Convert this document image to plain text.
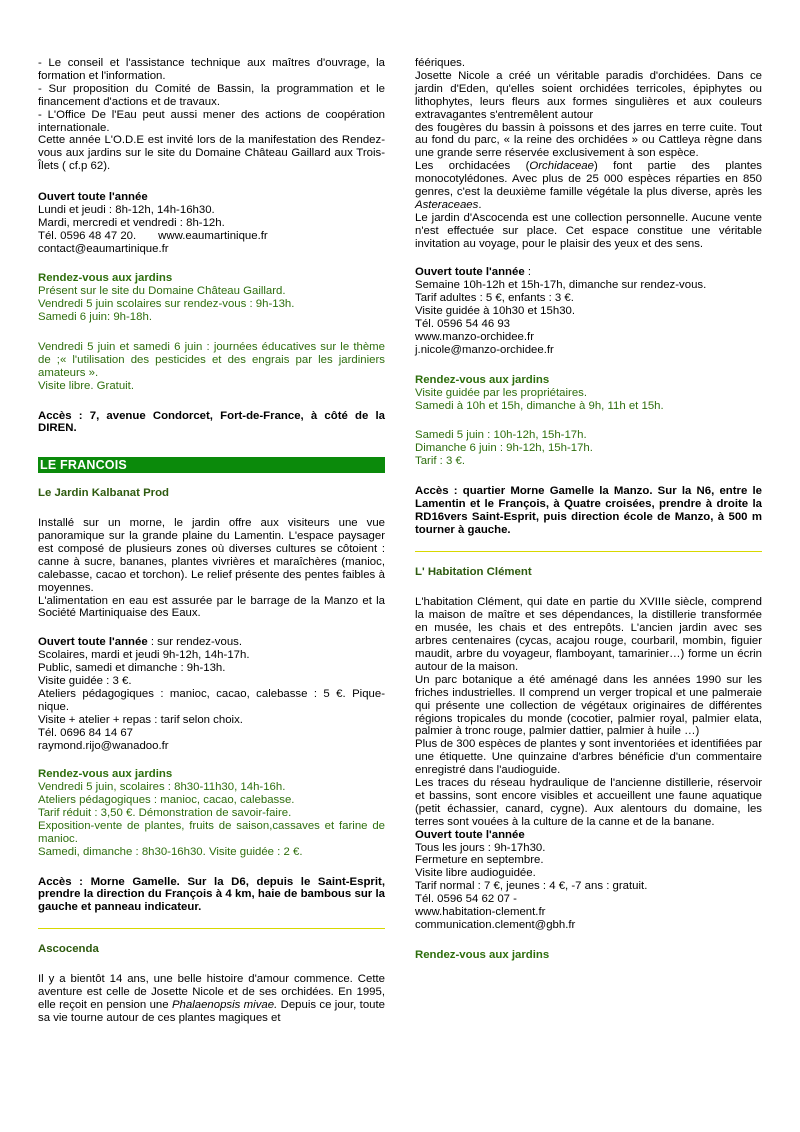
- Le conseil et l'assistance technique aux maîtres d'ouvrage, la formation et l'information.

- Sur proposition du Comité de Bassin, la programmation et le financement d'actions et de travaux.

- L'Office De l'Eau peut aussi mener des actions de coopération internationale.

Cette année L'O.D.E est invité lors de la manifestation des Rendez-vous aux jardins sur le site du Domaine Château Gaillard aux Trois-Îlets ( cf.p 62).

Ouvert toute l'année

Lundi et jeudi : 8h-12h, 14h-16h30.

Mardi, mercredi et vendredi : 8h-12h.

Tél. 0596 48 47 20. www.eaumartinique.fr

contact@eaumartinique.fr

Rendez-vous aux jardins

Présent sur le site du Domaine Château Gaillard.

Vendredi 5 juin scolaires sur rendez-vous : 9h-13h.

Samedi 6 juin: 9h-18h.

Vendredi 5 juin et samedi 6 juin : journées éducatives sur le thème de ;« l'utilisation des pesticides et des engrais par les jardiniers amateurs ».

Visite libre. Gratuit.

Accès : 7, avenue Condorcet, Fort-de-France, à côté de la DIREN.

LE FRANCOIS

Le Jardin Kalbanat Prod

Installé sur un morne, le jardin offre aux visiteurs une vue panoramique sur la grande plaine du Lamentin. L'espace paysager est composé de plusieurs zones où diverses cultures se côtoient : canne à sucre, bananes, plantes vivrières et maraîchères (manioc, calebasse, cacao et torchon). Le relief présente des pentes faibles à moyennes.

L'alimentation en eau est assurée par le barrage de la Manzo et la Société Martiniquaise des Eaux.

Ouvert toute l'année : sur rendez-vous.

Scolaires, mardi et jeudi 9h-12h, 14h-17h.

Public, samedi et dimanche : 9h-13h.

Visite guidée : 3 €.

Ateliers pédagogiques : manioc, cacao, calebasse : 5 €. Pique-nique.

Visite + atelier + repas : tarif selon choix.

Tél. 0696 84 14 67

raymond.rijo@wanadoo.fr

Rendez-vous aux jardins

Vendredi 5 juin, scolaires : 8h30-11h30, 14h-16h.

Ateliers pédagogiques : manioc, cacao, calebasse.

Tarif réduit : 3,50 €. Démonstration de savoir-faire.

Exposition-vente de plantes, fruits de saison,cassaves et farine de manioc.

Samedi, dimanche : 8h30-16h30. Visite guidée : 2 €.

Accès : Morne Gamelle. Sur la D6, depuis le Saint-Esprit, prendre la direction du François à 4 km, haie de bambous sur la gauche et panneau indicateur.

Ascocenda

Il y a bientôt 14 ans, une belle histoire d'amour commence. Cette aventure est celle de Josette Nicole et de ses orchidées. En 1995, elle reçoit en pension une Phalaenopsis mivae. Depuis ce jour, toute sa vie tourne autour de ces plantes magiques et

féériques.

Josette Nicole a créé un véritable paradis d'orchidées. Dans ce jardin d'Eden, qu'elles soient orchidées terricoles, épiphytes ou lithophytes, leurs fleurs aux formes singulières et aux couleurs extravagantes s'entremêlent autour

des fougères du bassin à poissons et des jarres en terre cuite. Tout au fond du parc, « la reine des orchidées » ou Cattleya règne dans une grande serre réservée exclusivement à son espèce.

Les orchidacées (Orchidaceae) font partie des plantes monocotylédones. Avec plus de 25 000 espèces réparties en 850 genres, c'est la deuxième famille végétale la plus diverse, après les Asteraceaes.

Le jardin d'Ascocenda est une collection personnelle. Aucune vente n'est effectuée sur place. Cet espace constitue une véritable invitation au voyage, pour le plaisir des yeux et des sens.

Ouvert toute l'année :

Semaine 10h-12h et 15h-17h, dimanche sur rendez-vous.

Tarif adultes : 5 €, enfants : 3 €.

Visite guidée à 10h30 et 15h30.

Tél. 0596 54 46 93

www.manzo-orchidee.fr

j.nicole@manzo-orchidee.fr

Rendez-vous aux jardins

Visite guidée par les propriétaires.

Samedi à 10h et 15h, dimanche à 9h, 11h et 15h.

Samedi 5 juin : 10h-12h, 15h-17h.

Dimanche 6 juin : 9h-12h, 15h-17h.

Tarif : 3 €.

Accès : quartier Morne Gamelle la Manzo. Sur la N6, entre le Lamentin et le François, à Quatre croisées, prendre à droite la RD16vers Saint-Esprit, puis direction école de Manzo, à 500 m tourner à gauche.

L' Habitation Clément

L'habitation Clément, qui date en partie du XVIIIe siècle, comprend la maison de maître et ses dépendances, la distillerie transformée en musée, les chais et des entrepôts. L'ancien jardin avec ses arbres centenaires (cycas, acajou rouge, courbaril, mombin, figuier maudit, arbre du voyageur, flamboyant, tamarinier…) forme un écrin autour de la maison.

Un parc botanique a été aménagé dans les années 1990 sur les friches industrielles. Il comprend un verger tropical et une palmeraie qui présente une collection de végétaux originaires de différentes régions tropicales du monde (cocotier, palmier royal, palmier elata, palmier à tronc rouge, palmier dattier, palmier à huile …)

Plus de 300 espèces de plantes y sont inventoriées et identifiées par une étiquette. Une quinzaine d'arbres bénéficie d'un commentaire enregistré dans l'audioguide.

Les traces du réseau hydraulique de l'ancienne distillerie, réservoir et bassins, sont encore visibles et accueillent une faune aquatique (petit échassier, canard, cygne). Aux alentours du domaine, les terres sont vouées à la culture de la canne et de la banane.

Ouvert toute l'année

Tous les jours : 9h-17h30.

Fermeture en septembre.

Visite libre audioguidée.

Tarif normal : 7 €, jeunes : 4 €, -7 ans : gratuit.

Tél. 0596 54 62 07 -

www.habitation-clement.fr

communication.clement@gbh.fr

Rendez-vous aux jardins
